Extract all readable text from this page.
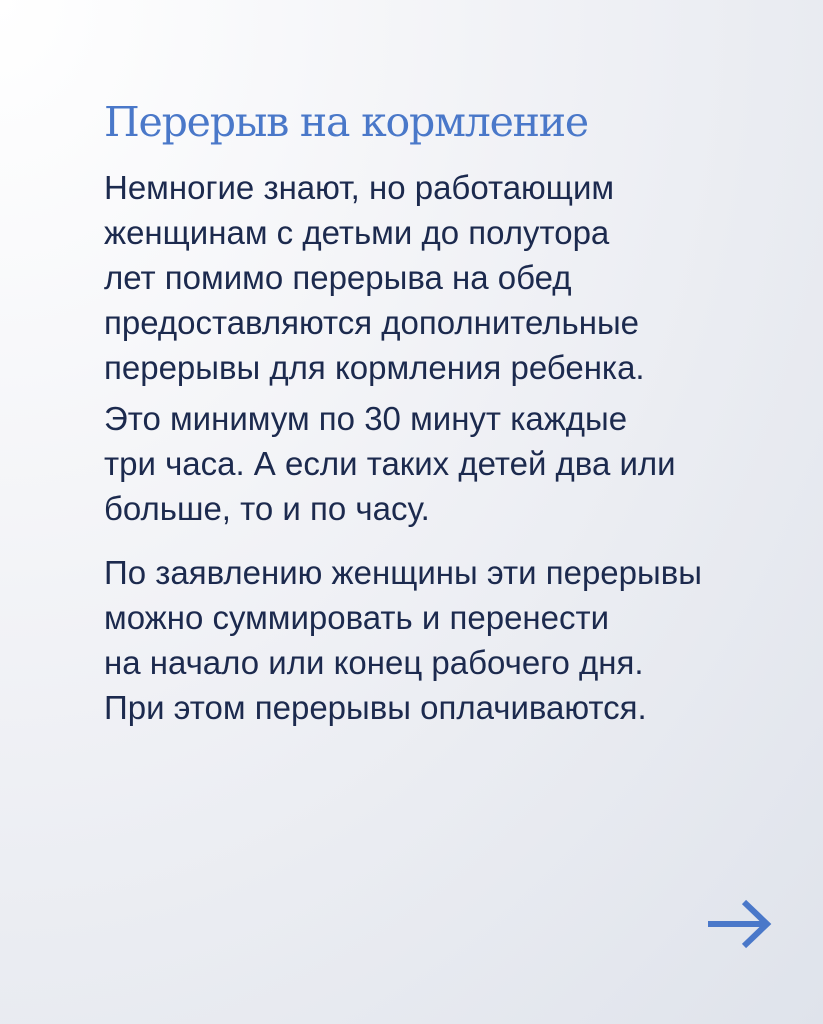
Перерыв на кормление
Немногие знают, но работающим
женщинам с детьми до полутора
лет помимо перерыва на обед
предоставляются дополнительные
перерывы для кормления ребенка.
Это минимум по 30 минут каждые
три часа. А если таких детей два или
больше, то и по часу.
По заявлению женщины эти перерывы
можно суммировать и перенести
на начало или конец рабочего дня.
При этом перерывы оплачиваются.
